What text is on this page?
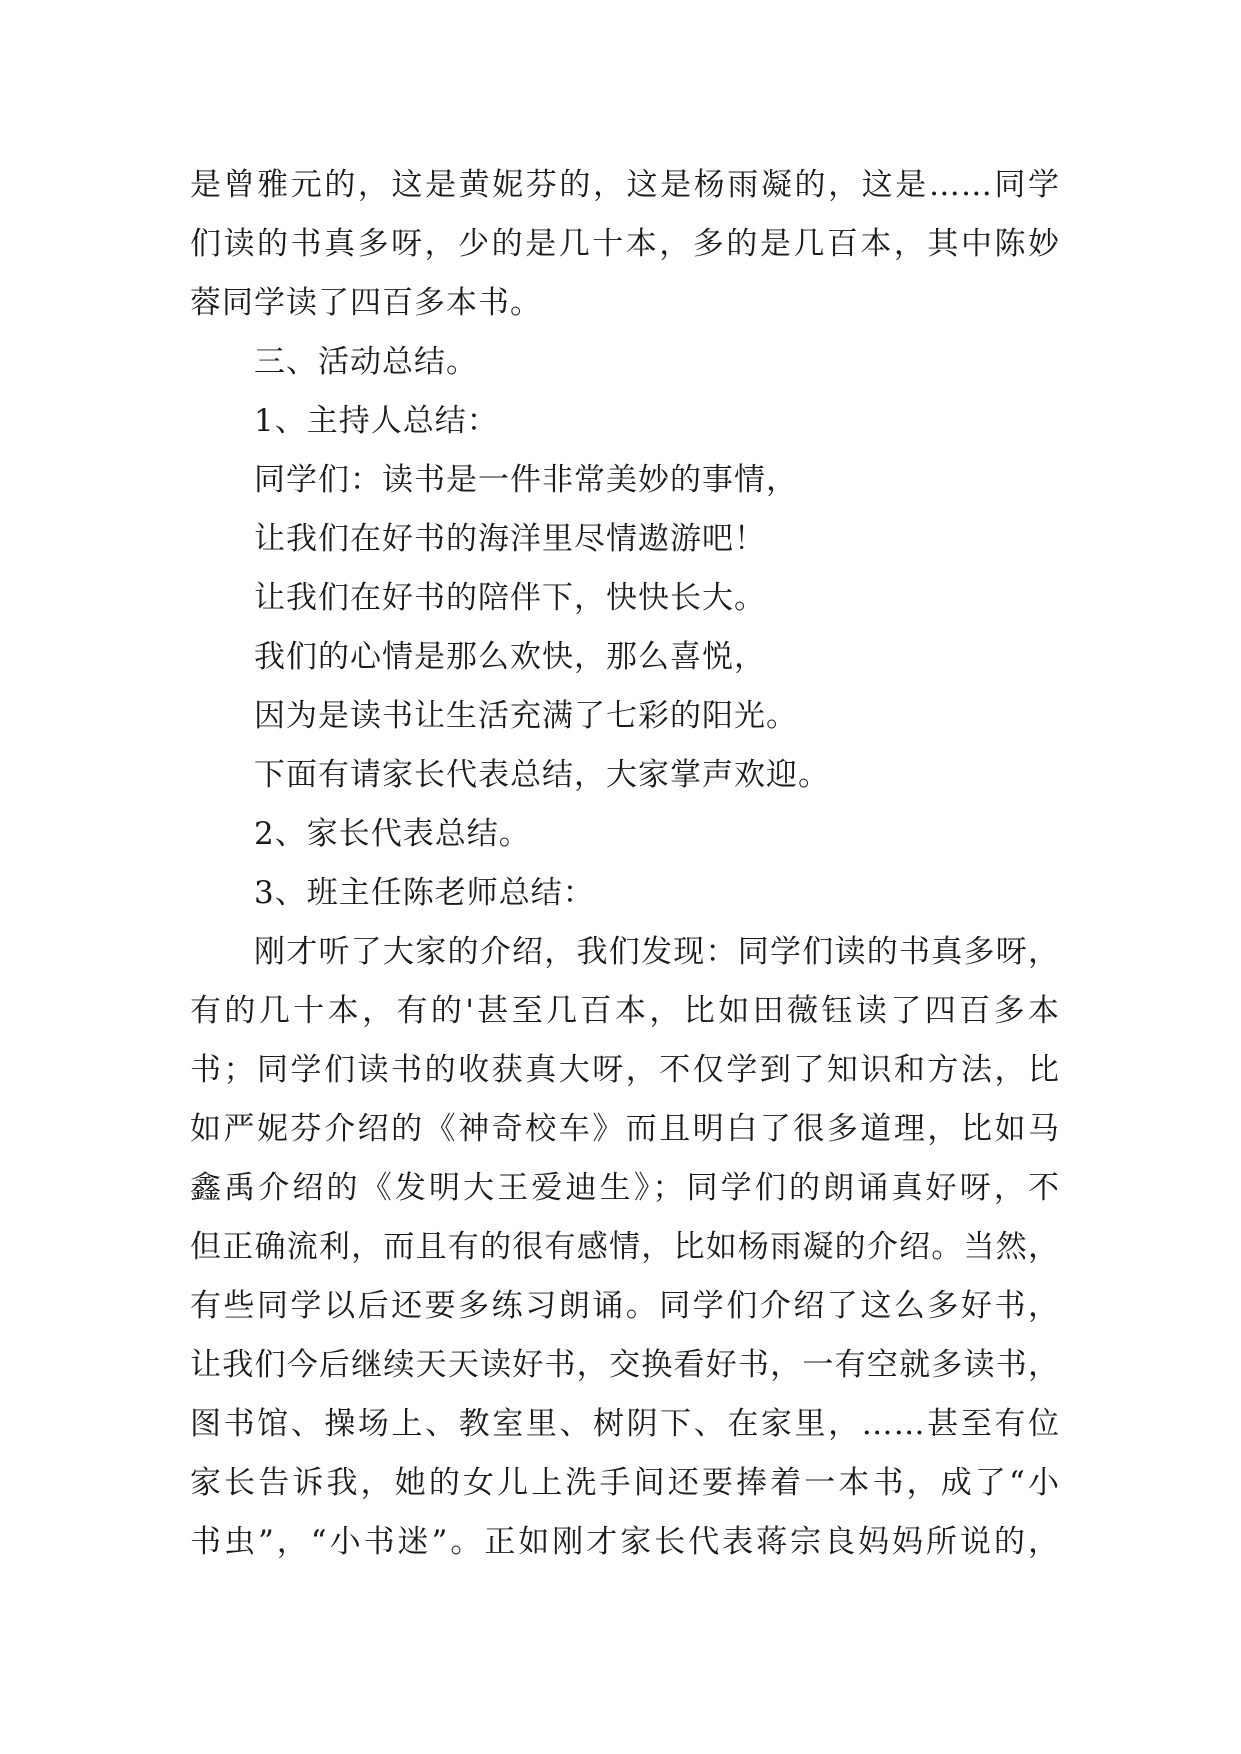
是曾雅元的，这是黄妮芬的，这是杨雨凝的，这是……同学
们读的书真多呀，少的是几十本，多的是几百本，其中陈妙
蓉同学读了四百多本书。
三、活动总结。
1、主持人总结：
同学们：读书是一件非常美妙的事情，
让我们在好书的海洋里尽情遨游吧！
让我们在好书的陪伴下，快快长大。
我们的心情是那么欢快，那么喜悦，
因为是读书让生活充满了七彩的阳光。
下面有请家长代表总结，大家掌声欢迎。
2、家长代表总结。
3、班主任陈老师总结：
刚才听了大家的介绍，我们发现：同学们读的书真多呀，
有的几十本，有的'甚至几百本，比如田薇钰读了四百多本
书；同学们读书的收获真大呀，不仅学到了知识和方法，比
如严妮芬介绍的《神奇校车》而且明白了很多道理，比如马
鑫禹介绍的《发明大王爱迪生》；同学们的朗诵真好呀，不
但正确流利，而且有的很有感情，比如杨雨凝的介绍。当然，
有些同学以后还要多练习朗诵。同学们介绍了这么多好书，
让我们今后继续天天读好书，交换看好书，一有空就多读书，
图书馆、操场上、教室里、树阴下、在家里，……甚至有位
家长告诉我，她的女儿上洗手间还要捧着一本书，成了“小
书虫”，“小书迷”。正如刚才家长代表蒋宗良妈妈所说的，
